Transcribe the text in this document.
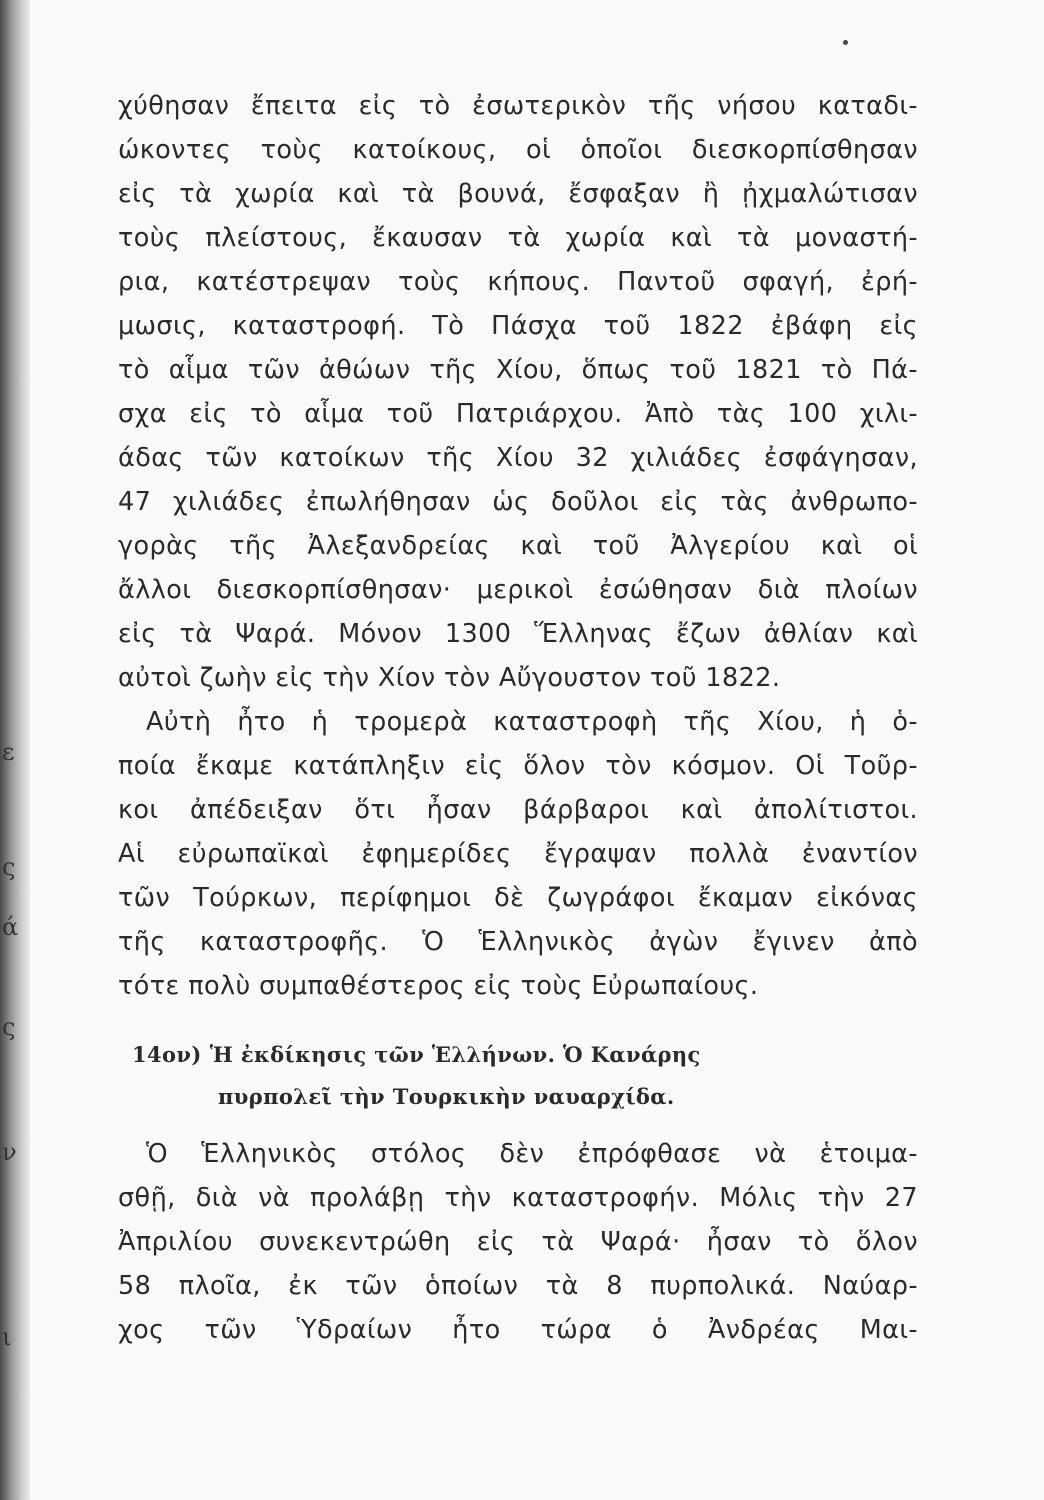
ε
ς
ά
ς
ν
ι
χύθησαν ἔπειτα εἰς τὸ ἐσωτερικὸν τῆς νήσου καταδι-
ώκοντες τοὺς κατοίκους, οἱ ὁποῖοι διεσκορπίσθησαν
εἰς τὰ χωρία καὶ τὰ βουνά, ἔσφαξαν ἢ ᾐχμαλώτισαν
τοὺς πλείστους, ἔκαυσαν τὰ χωρία καὶ τὰ μοναστή-
ρια, κατέστρεψαν τοὺς κήπους. Παντοῦ σφαγή, ἐρή-
μωσις, καταστροφή. Τὸ Πάσχα τοῦ 1822 ἐβάφη εἰς
τὸ αἷμα τῶν ἀθώων τῆς Χίου, ὅπως τοῦ 1821 τὸ Πά-
σχα εἰς τὸ αἷμα τοῦ Πατριάρχου. Ἀπὸ τὰς 100 χιλι-
άδας τῶν κατοίκων τῆς Χίου 32 χιλιάδες ἐσφάγησαν,
47 χιλιάδες ἐπωλήθησαν ὡς δοῦλοι εἰς τὰς ἀνθρωπο-
γορὰς τῆς Ἀλεξανδρείας καὶ τοῦ Ἀλγερίου καὶ οἱ
ἄλλοι διεσκορπίσθησαν· μερικοὶ ἐσώθησαν διὰ πλοίων
εἰς τὰ Ψαρά. Μόνον 1300 Ἕλληνας ἔζων ἀθλίαν καὶ
αὐτοὶ ζωὴν εἰς τὴν Χίον τὸν Αὔγουστον τοῦ 1822.
Αὐτὴ ἦτο ἡ τρομερὰ καταστροφὴ τῆς Χίου, ἡ ὁ-
ποία ἔκαμε κατάπληξιν εἰς ὅλον τὸν κόσμον. Οἱ Τοῦρ-
κοι ἀπέδειξαν ὅτι ἦσαν βάρβαροι καὶ ἀπολίτιστοι.
Αἱ εὐρωπαϊκαὶ ἐφημερίδες ἔγραψαν πολλὰ ἐναντίον
τῶν Τούρκων, περίφημοι δὲ ζωγράφοι ἔκαμαν εἰκόνας
τῆς καταστροφῆς. Ὁ Ἑλληνικὸς ἀγὼν ἔγινεν ἀπὸ
τότε πολὺ συμπαθέστερος εἰς τοὺς Εὐρωπαίους.
14ον) Ἡ ἐκδίκησις τῶν Ἑλλήνων. Ὁ Κανάρης
πυρπολεῖ τὴν Τουρκικὴν ναυαρχίδα.
Ὁ Ἑλληνικὸς στόλος δὲν ἐπρόφθασε νὰ ἑτοιμα-
σθῇ, διὰ νὰ προλάβῃ τὴν καταστροφήν. Μόλις τὴν 27
Ἀπριλίου συνεκεντρώθη εἰς τὰ Ψαρά· ἦσαν τὸ ὅλον
58 πλοῖα, ἐκ τῶν ὁποίων τὰ 8 πυρπολικά. Ναύαρ-
χος τῶν Ὑδραίων ἦτο τώρα ὁ Ἀνδρέας Μαι-
